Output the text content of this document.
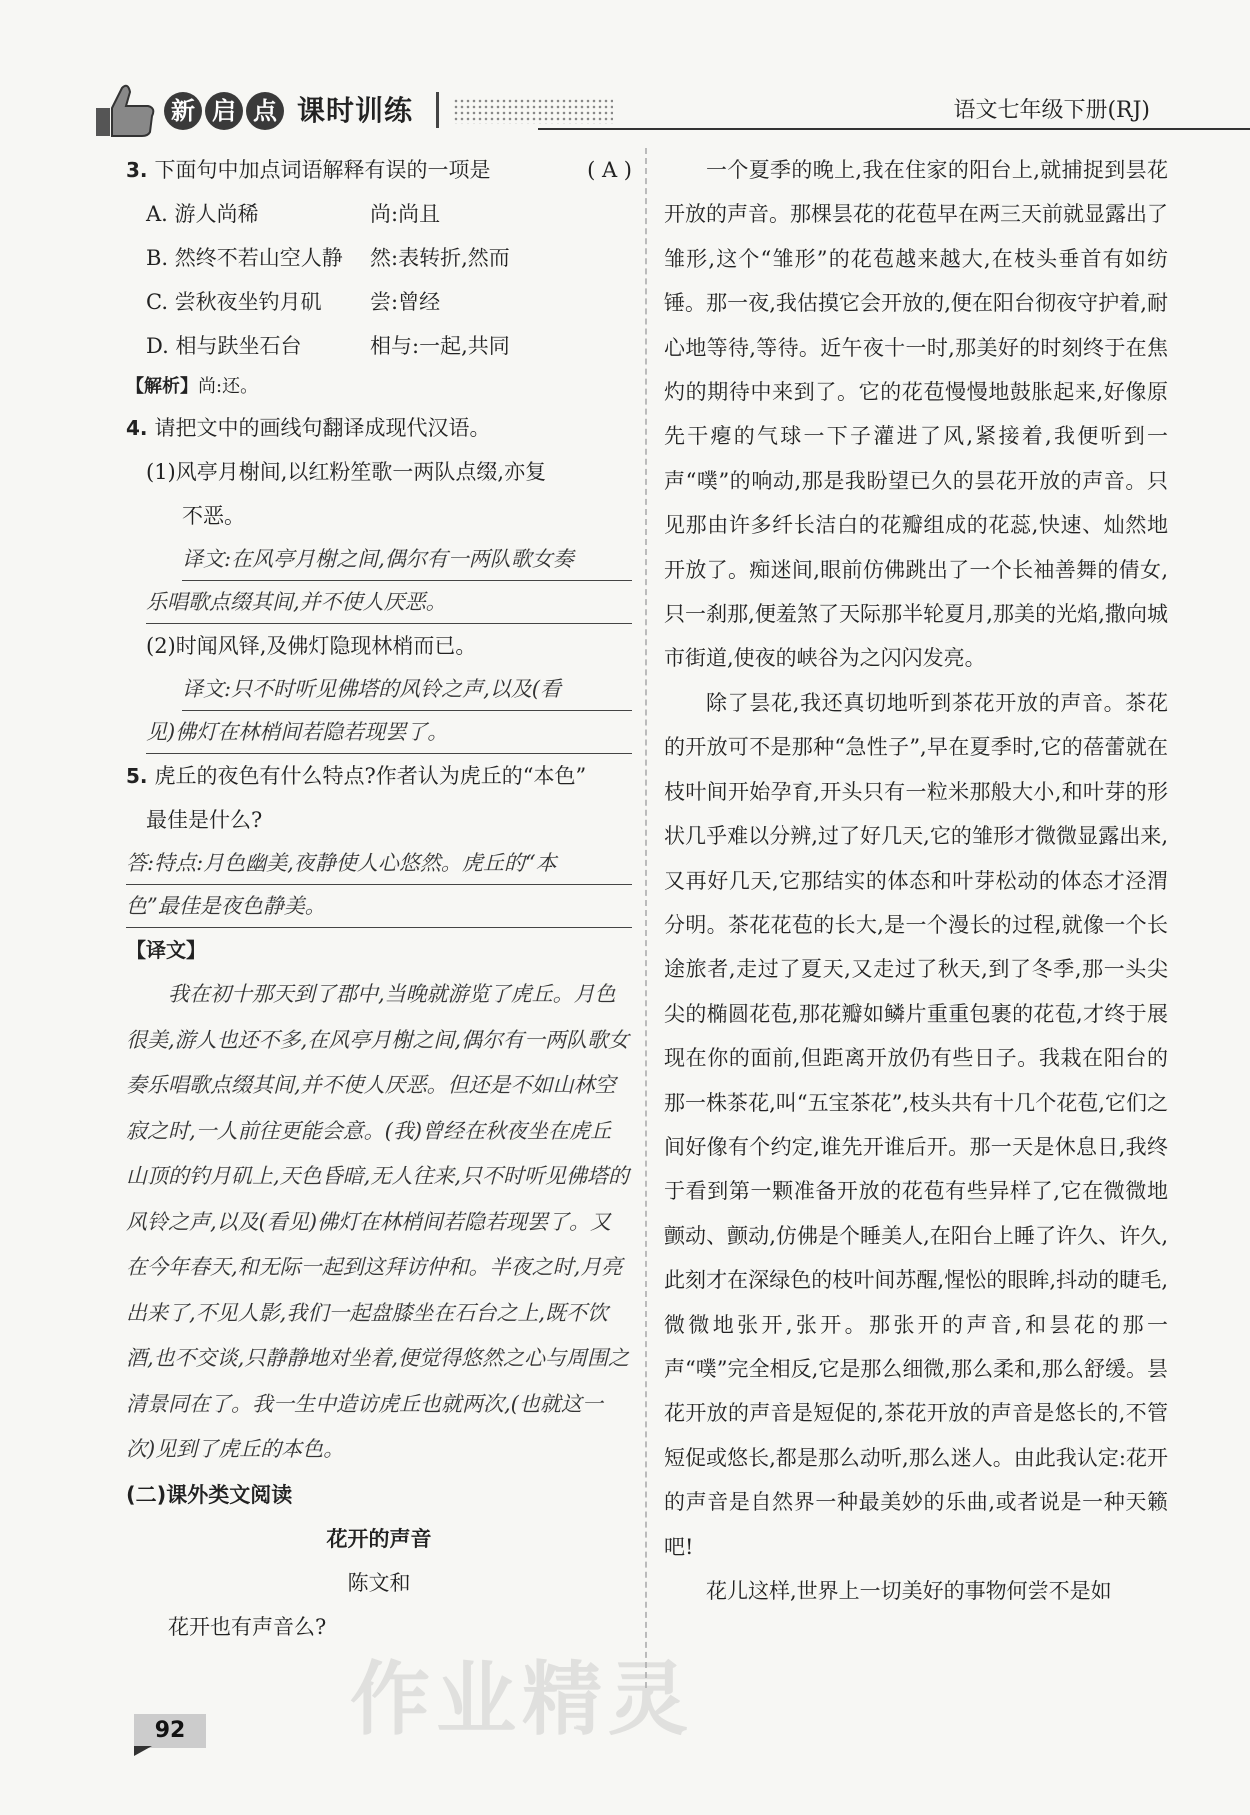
新 启 点 课时训练	语文七年级下册(RJ)
3. 下面句中加点词语解释有误的一项是	( A )
A. 游人尚稀	尚:尚且
B. 然终不若山空人静	然:表转折,然而
C. 尝秋夜坐钓月矶	尝:曾经
D. 相与趺坐石台	相与:一起,共同
【解析】尚:还。
4. 请把文中的画线句翻译成现代汉语。
(1)风亭月榭间,以红粉笙歌一两队点缀,亦复
不恶。
译文:在风亭月榭之间,偶尔有一两队歌女奏
乐唱歌点缀其间,并不使人厌恶。
(2)时闻风铎,及佛灯隐现林梢而已。
译文:只不时听见佛塔的风铃之声,以及(看
见)佛灯在林梢间若隐若现罢了。
5. 虎丘的夜色有什么特点?作者认为虎丘的“本色”
最佳是什么?
答:特点:月色幽美,夜静使人心悠然。虎丘的“本
色”最佳是夜色静美。
【译文】

我在初十那天到了郡中,当晚就游览了虎丘。月色很美,游人也还不多,在风亭月榭之间,偶尔有一两队歌女奏乐唱歌点缀其间,并不使人厌恶。但还是不如山林空寂之时,一人前往更能会意。(我)曾经在秋夜坐在虎丘山顶的钓月矶上,天色昏暗,无人往来,只不时听见佛塔的风铃之声,以及(看见)佛灯在林梢间若隐若现罢了。又在今年春天,和无际一起到这拜访仲和。半夜之时,月亮出来了,不见人影,我们一起盘膝坐在石台之上,既不饮酒,也不交谈,只静静地对坐着,便觉得悠然之心与周围之清景同在了。我一生中造访虎丘也就两次,(也就这一次)见到了虎丘的本色。

(二)课外类文阅读
花开的声音
陈文和

花开也有声音么?

一个夏季的晚上,我在住家的阳台上,就捕捉到昙花开放的声音。那棵昙花的花苞早在两三天前就显露出了雏形,这个“雏形”的花苞越来越大,在枝头垂首有如纺锤。那一夜,我估摸它会开放的,便在阳台彻夜守护着,耐心地等待,等待。近午夜十一时,那美好的时刻终于在焦灼的期待中来到了。它的花苞慢慢地鼓胀起来,好像原先干瘪的气球一下子灌进了风,紧接着,我便听到一声“噗”的响动,那是我盼望已久的昙花开放的声音。只见那由许多纤长洁白的花瓣组成的花蕊,快速、灿然地开放了。痴迷间,眼前仿佛跳出了一个长袖善舞的倩女,只一刹那,便羞煞了天际那半轮夏月,那美的光焰,撒向城市街道,使夜的峡谷为之闪闪发亮。

除了昙花,我还真切地听到茶花开放的声音。茶花的开放可不是那种“急性子”,早在夏季时,它的蓓蕾就在枝叶间开始孕育,开头只有一粒米那般大小,和叶芽的形状几乎难以分辨,过了好几天,它的雏形才微微显露出来,又再好几天,它那结实的体态和叶芽松动的体态才泾渭分明。茶花花苞的长大,是一个漫长的过程,就像一个长途旅者,走过了夏天,又走过了秋天,到了冬季,那一头尖尖的椭圆花苞,那花瓣如鳞片重重包裹的花苞,才终于展现在你的面前,但距离开放仍有些日子。我栽在阳台的那一株茶花,叫“五宝茶花”,枝头共有十几个花苞,它们之间好像有个约定,谁先开谁后开。那一天是休息日,我终于看到第一颗准备开放的花苞有些异样了,它在微微地颤动、颤动,仿佛是个睡美人,在阳台上睡了许久、许久,此刻才在深绿色的枝叶间苏醒,惺忪的眼眸,抖动的睫毛,微微地张开,张开。那张开的声音,和昙花的那一声“噗”完全相反,它是那么细微,那么柔和,那么舒缓。昙花开放的声音是短促的,茶花开放的声音是悠长的,不管短促或悠长,都是那么动听,那么迷人。由此我认定:花开的声音是自然界一种最美妙的乐曲,或者说是一种天籁吧!

花儿这样,世界上一切美好的事物何尝不是如

92 作业精灵
